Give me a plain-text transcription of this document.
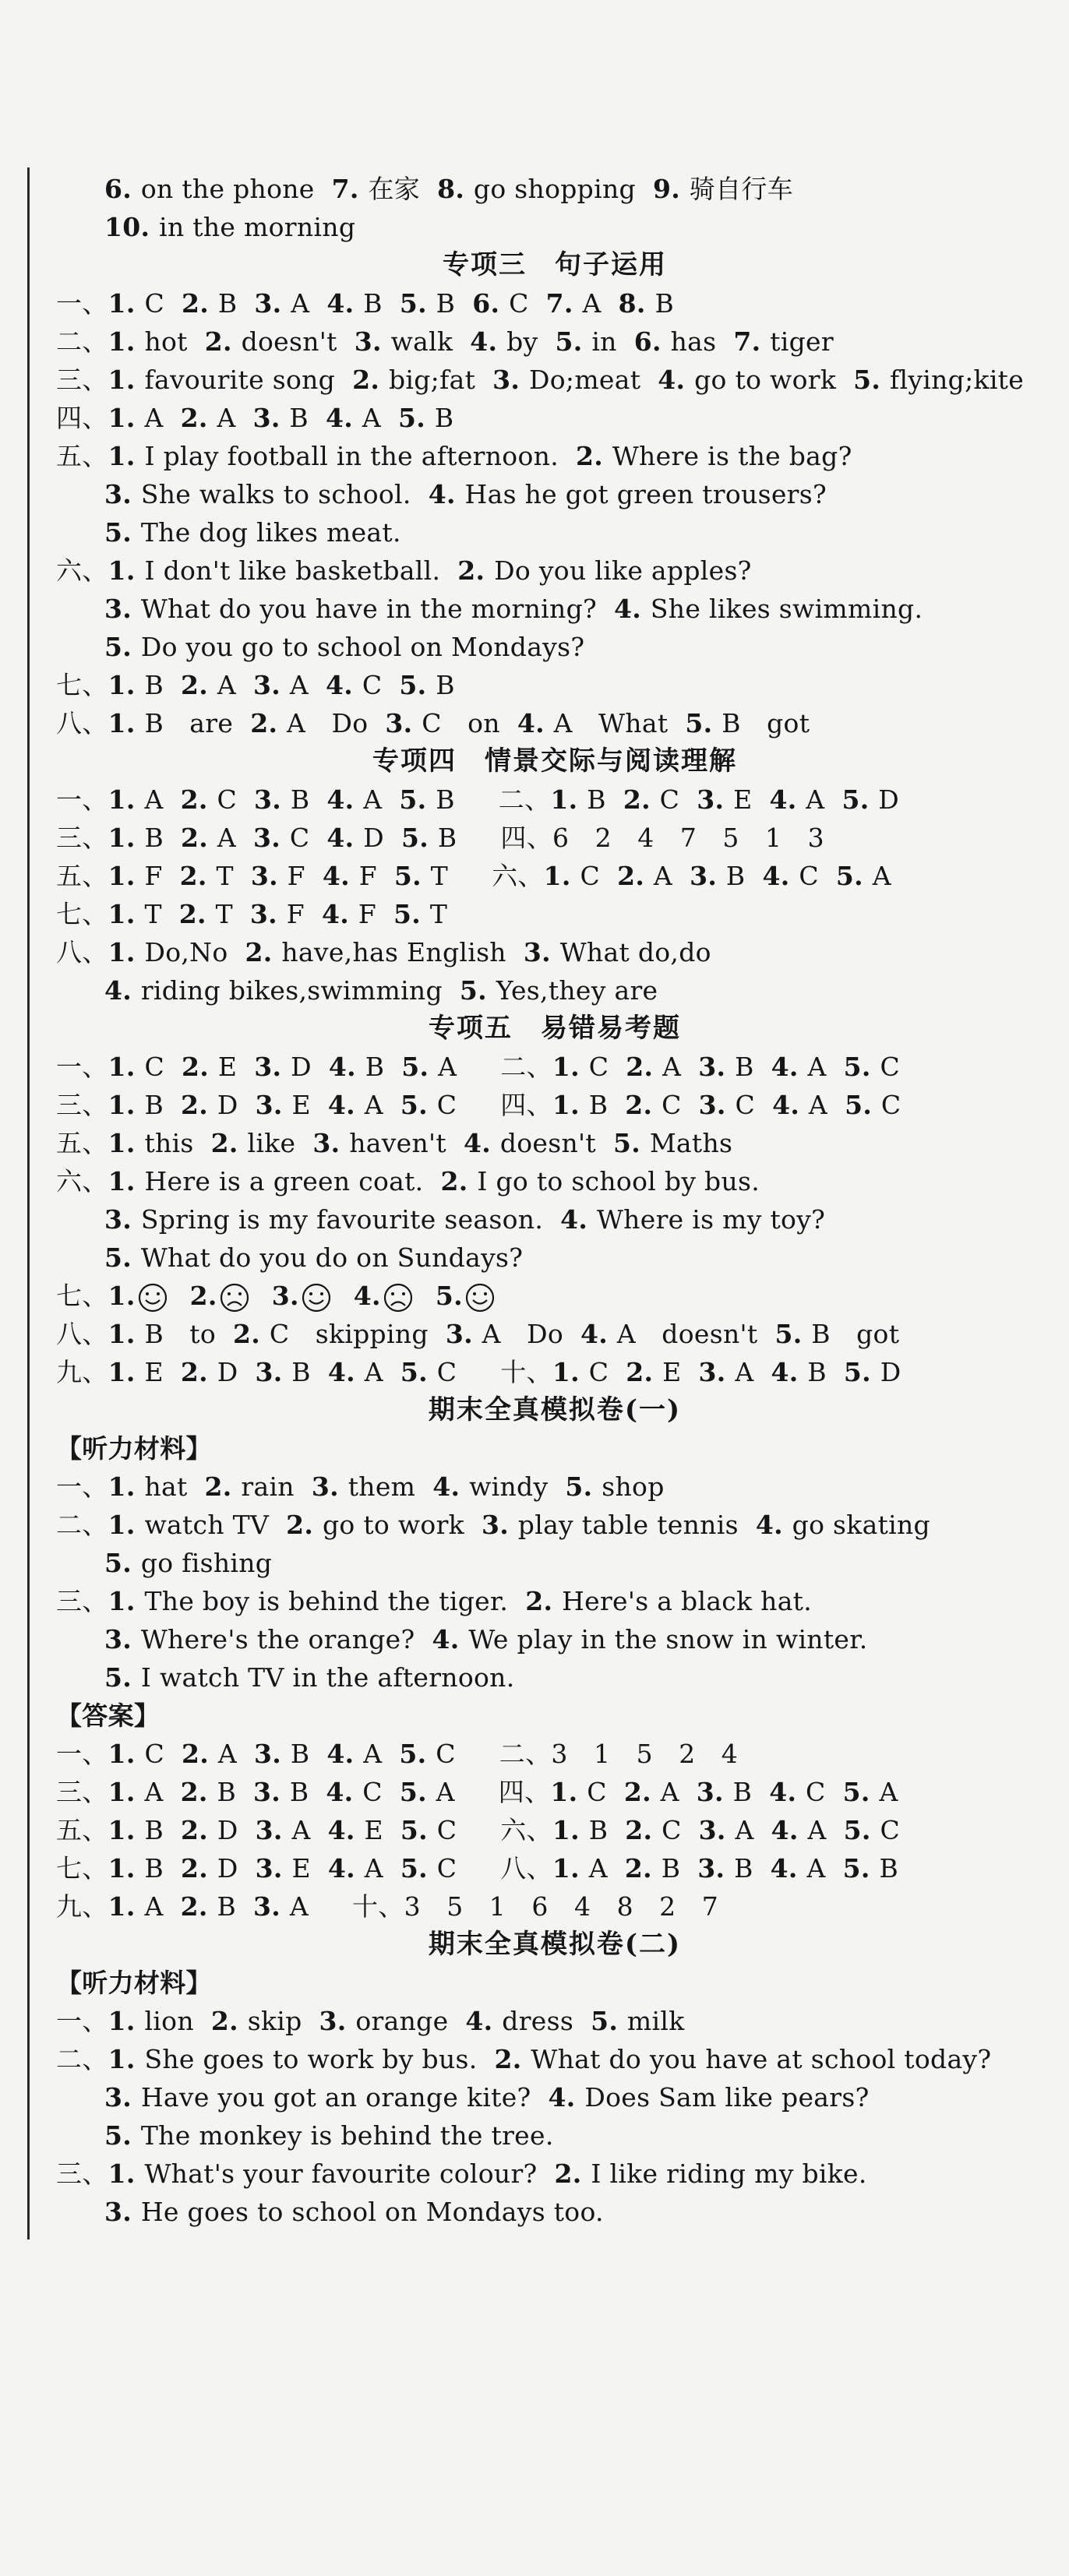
6. on the phone 7. 在家 8. go shopping 9. 骑自行车
10. in the morning
专项三　句子运用
一、1. C 2. B 3. A 4. B 5. B 6. C 7. A 8. B
二、1. hot 2. doesn't 3. walk 4. by 5. in 6. has 7. tiger
三、1. favourite song 2. big;fat 3. Do;meat 4. go to work 5. flying;kite
四、1. A 2. A 3. B 4. A 5. B
五、1. I play football in the afternoon. 2. Where is the bag?
3. She walks to school. 4. Has he got green trousers?
5. The dog likes meat.
六、1. I don't like basketball. 2. Do you like apples?
3. What do you have in the morning? 4. She likes swimming.
5. Do you go to school on Mondays?
七、1. B 2. A 3. A 4. C 5. B
八、1. B　are 2. A　Do 3. C　on 4. A　What 5. B　got
专项四　情景交际与阅读理解
一、1. A 2. C 3. B 4. A 5. B 二、1. B 2. C 3. E 4. A 5. D
三、1. B 2. A 3. C 4. D 5. B 四、6　2　4　7　5　1　3
五、1. F 2. T 3. F 4. F 5. T 六、1. C 2. A 3. B 4. C 5. A
七、1. T 2. T 3. F 4. F 5. T
八、1. Do,No 2. have,has English 3. What do,do
4. riding bikes,swimming 5. Yes,they are
专项五　易错易考题
一、1. C 2. E 3. D 4. B 5. A 二、1. C 2. A 3. B 4. A 5. C
三、1. B 2. D 3. E 4. A 5. C 四、1. B 2. C 3. C 4. A 5. C
五、1. this 2. like 3. haven't 4. doesn't 5. Maths
六、1. Here is a green coat. 2. I go to school by bus.
3. Spring is my favourite season. 4. Where is my toy?
5. What do you do on Sundays?
七、1. 2. 3. 4. 5.
八、1. B　to 2. C　skipping 3. A　Do 4. A　doesn't 5. B　got
九、1. E 2. D 3. B 4. A 5. C 十、1. C 2. E 3. A 4. B 5. D
期末全真模拟卷(一)
【听力材料】
一、1. hat 2. rain 3. them 4. windy 5. shop
二、1. watch TV 2. go to work 3. play table tennis 4. go skating
5. go fishing
三、1. The boy is behind the tiger. 2. Here's a black hat.
3. Where's the orange? 4. We play in the snow in winter.
5. I watch TV in the afternoon.
【答案】
一、1. C 2. A 3. B 4. A 5. C 二、3　1　5　2　4
三、1. A 2. B 3. B 4. C 5. A 四、1. C 2. A 3. B 4. C 5. A
五、1. B 2. D 3. A 4. E 5. C 六、1. B 2. C 3. A 4. A 5. C
七、1. B 2. D 3. E 4. A 5. C 八、1. A 2. B 3. B 4. A 5. B
九、1. A 2. B 3. A 十、3　5　1　6　4　8　2　7
期末全真模拟卷(二)
【听力材料】
一、1. lion 2. skip 3. orange 4. dress 5. milk
二、1. She goes to work by bus. 2. What do you have at school today?
3. Have you got an orange kite? 4. Does Sam like pears?
5. The monkey is behind the tree.
三、1. What's your favourite colour? 2. I like riding my bike.
3. He goes to school on Mondays too.
